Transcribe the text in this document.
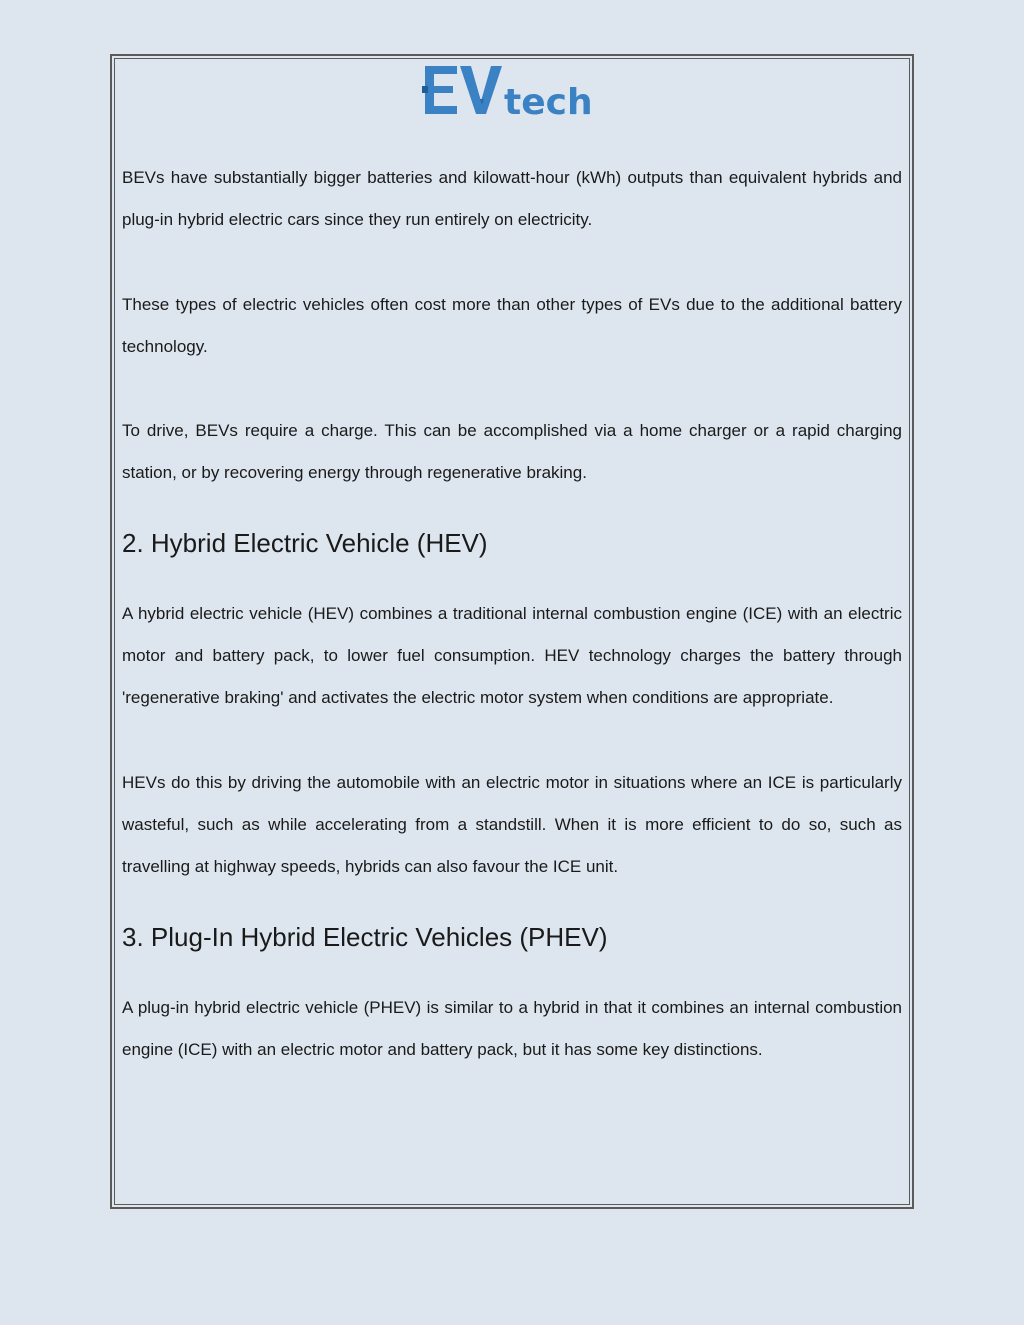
tech

BEVs have substantially bigger batteries and kilowatt-hour (kWh) outputs than equivalent hybrids and plug-in hybrid electric cars since they run entirely on electricity.

These types of electric vehicles often cost more than other types of EVs due to the additional battery technology.

To drive, BEVs require a charge. This can be accomplished via a home charger or a rapid charging station, or by recovering energy through regenerative braking.

2. Hybrid Electric Vehicle (HEV)

A hybrid electric vehicle (HEV) combines a traditional internal combustion engine (ICE) with an electric motor and battery pack, to lower fuel consumption. HEV technology charges the battery through 'regenerative braking' and activates the electric motor system when conditions are appropriate.

HEVs do this by driving the automobile with an electric motor in situations where an ICE is particularly wasteful, such as while accelerating from a standstill. When it is more efficient to do so, such as travelling at highway speeds, hybrids can also favour the ICE unit.

3. Plug-In Hybrid Electric Vehicles (PHEV)

A plug-in hybrid electric vehicle (PHEV) is similar to a hybrid in that it combines an internal combustion engine (ICE) with an electric motor and battery pack, but it has some key distinctions.
